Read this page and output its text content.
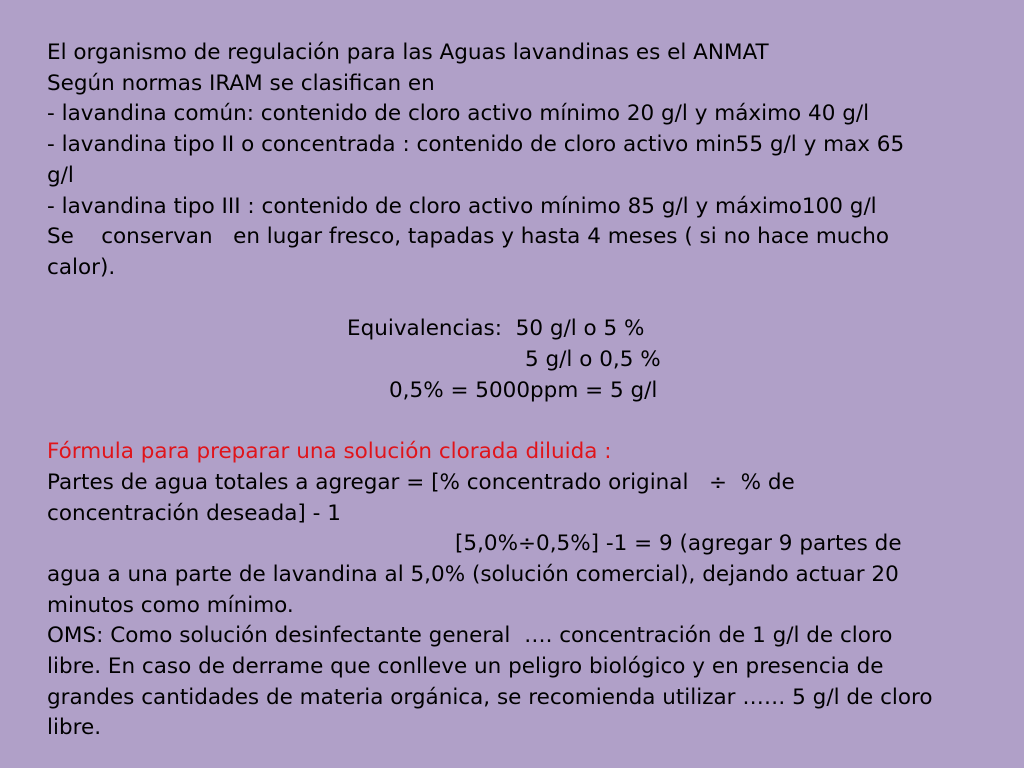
El organismo de regulación para las Aguas lavandinas es el ANMAT
Según normas IRAM se clasifican en
- lavandina común: contenido de cloro activo mínimo 20 g/l y máximo 40 g/l
- lavandina tipo II o concentrada : contenido de cloro activo min55 g/l y max 65
g/l
- lavandina tipo III : contenido de cloro activo mínimo 85 g/l y máximo100 g/l
Se    conservan   en lugar fresco, tapadas y hasta 4 meses ( si no hace mucho
calor).
Equivalencias:  50 g/l o 5 %
5 g/l o 0,5 %
0,5% = 5000ppm = 5 g/l
Fórmula para preparar una solución clorada diluida :
Partes de agua totales a agregar = [% concentrado original   ÷  % de
concentración deseada] - 1
[5,0%÷0,5%] -1 = 9 (agregar 9 partes de
agua a una parte de lavandina al 5,0% (solución comercial), dejando actuar 20
minutos como mínimo.
OMS: Como solución desinfectante general  …. concentración de 1 g/l de cloro
libre. En caso de derrame que conlleve un peligro biológico y en presencia de
grandes cantidades de materia orgánica, se recomienda utilizar …… 5 g/l de cloro
libre.
